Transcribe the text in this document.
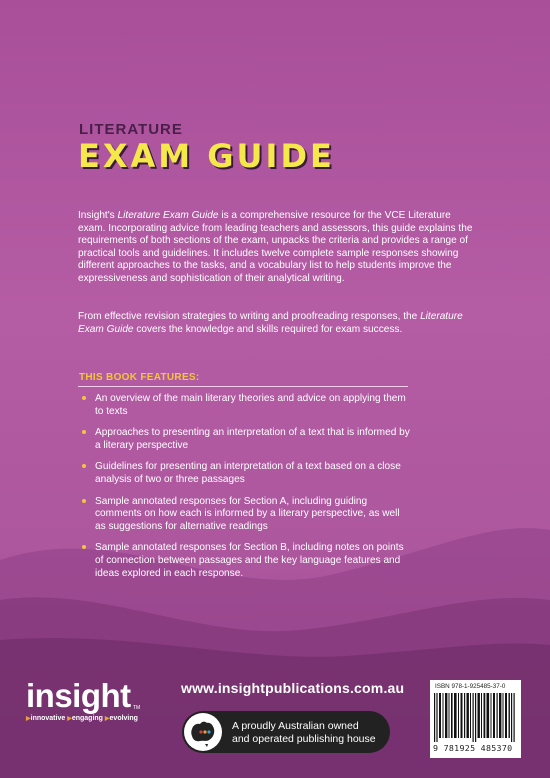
LITERATURE
EXAM GUIDE
Insight's Literature Exam Guide is a comprehensive resource for the VCE Literature exam. Incorporating advice from leading teachers and assessors, this guide explains the requirements of both sections of the exam, unpacks the criteria and provides a range of practical tools and guidelines. It includes twelve complete sample responses showing different approaches to the tasks, and a vocabulary list to help students improve the expressiveness and sophistication of their analytical writing.
From effective revision strategies to writing and proofreading responses, the Literature Exam Guide covers the knowledge and skills required for exam success.
THIS BOOK FEATURES:
An overview of the main literary theories and advice on applying them to texts
Approaches to presenting an interpretation of a text that is informed by a literary perspective
Guidelines for presenting an interpretation of a text based on a close analysis of two or three passages
Sample annotated responses for Section A, including guiding comments on how each is informed by a literary perspective, as well as suggestions for alternative readings
Sample annotated responses for Section B, including notes on points of connection between passages and the key language features and ideas explored in each response.
insight TM
▶innovative ▶engaging ▶evolving
www.insightpublications.com.au
A proudly Australian owned
and operated publishing house
ISBN 978-1-925485-37-0
9 781925 485370
